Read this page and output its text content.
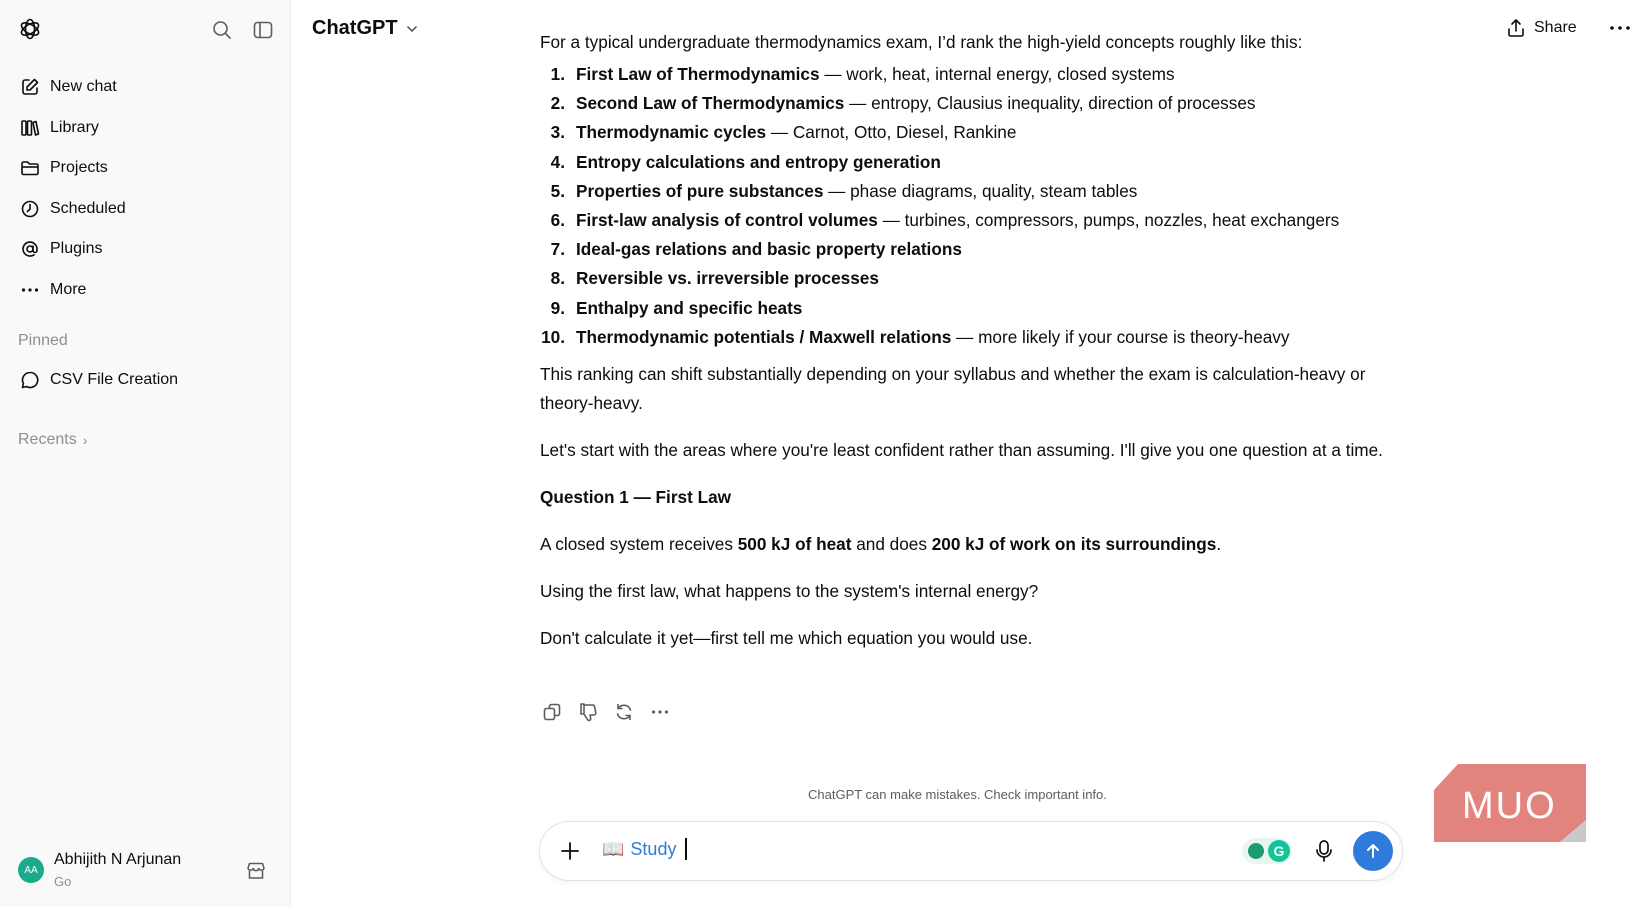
New chat
Library
Projects
Scheduled
Plugins
More
Pinned
CSV File Creation
Recents ›
AA
Abhijith N Arjunan
Go
ChatGPT	Share

For a typical undergraduate thermodynamics exam, I’d rank the high-yield concepts roughly like this:

1. First Law of Thermodynamics — work, heat, internal energy, closed systems
2. Second Law of Thermodynamics — entropy, Clausius inequality, direction of processes
3. Thermodynamic cycles — Carnot, Otto, Diesel, Rankine
4. Entropy calculations and entropy generation
5. Properties of pure substances — phase diagrams, quality, steam tables
6. First-law analysis of control volumes — turbines, compressors, pumps, nozzles, heat exchangers
7. Ideal-gas relations and basic property relations
8. Reversible vs. irreversible processes
9. Enthalpy and specific heats
10. Thermodynamic potentials / Maxwell relations — more likely if your course is theory-heavy

This ranking can shift substantially depending on your syllabus and whether the exam is calculation-heavy or theory-heavy.

Let's start with the areas where you're least confident rather than assuming. I'll give you one question at a time.

Question 1 — First Law

A closed system receives 500 kJ of heat and does 200 kJ of work on its surroundings.

Using the first law, what happens to the system's internal energy?

Don't calculate it yet—first tell me which equation you would use.

ChatGPT can make mistakes. Check important info.
📖 Study	G
MUO
